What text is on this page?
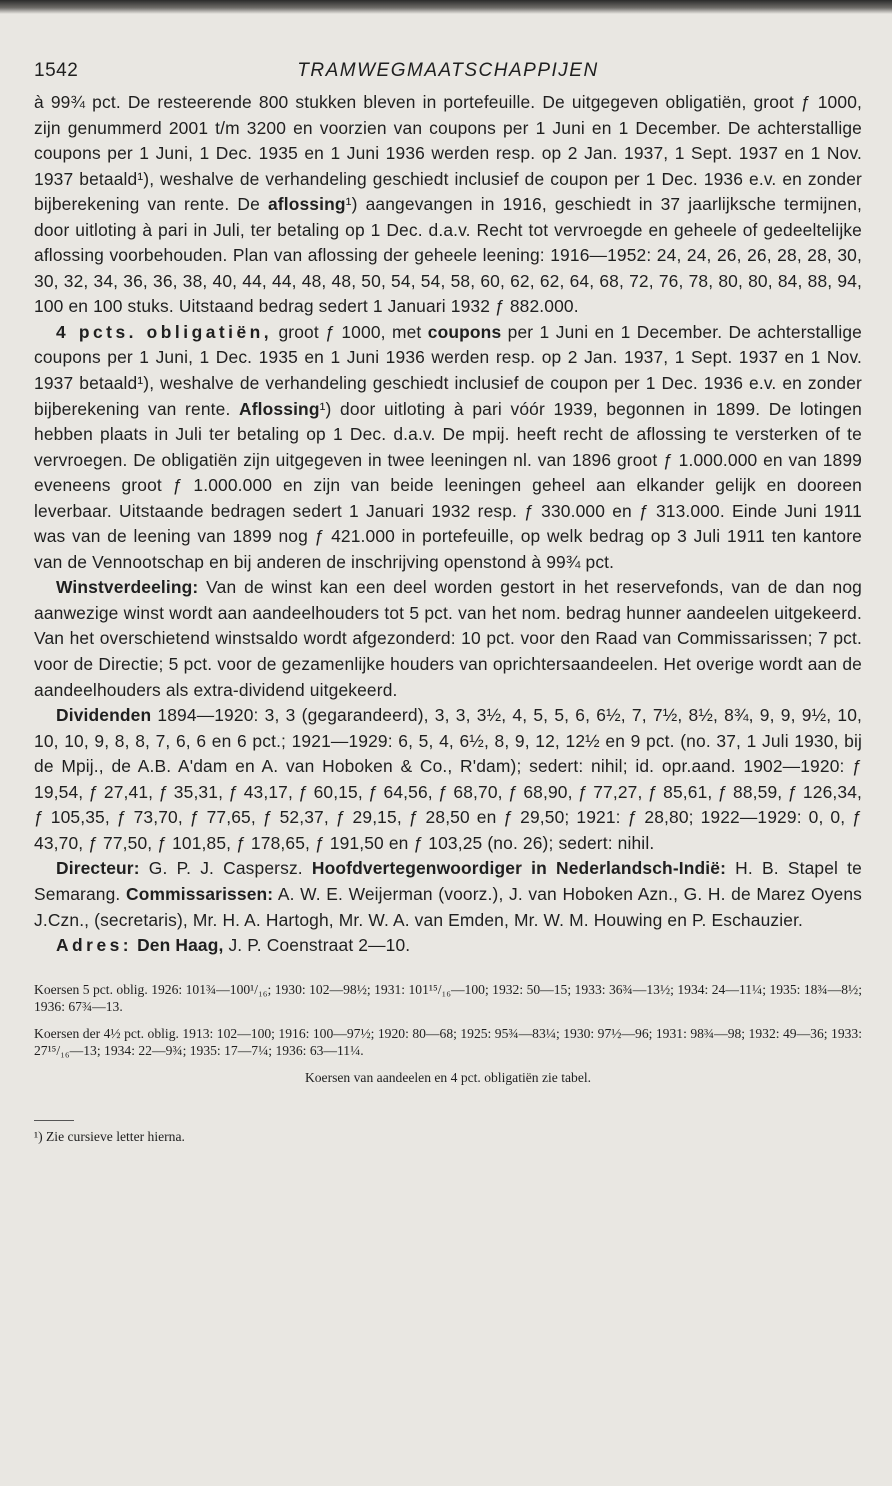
1542	TRAMWEGMAATSCHAPPIJEN

à 99¾ pct. De resteerende 800 stukken bleven in portefeuille. De uitgegeven obligatiën, groot ƒ 1000, zijn genummerd 2001 t/m 3200 en voorzien van coupons per 1 Juni en 1 December. De achterstallige coupons per 1 Juni, 1 Dec. 1935 en 1 Juni 1936 werden resp. op 2 Jan. 1937, 1 Sept. 1937 en 1 Nov. 1937 betaald¹), weshalve de verhandeling geschiedt inclusief de coupon per 1 Dec. 1936 e.v. en zonder bijberekening van rente. De aflossing¹) aangevangen in 1916, geschiedt in 37 jaarlijksche termijnen, door uitloting à pari in Juli, ter betaling op 1 Dec. d.a.v. Recht tot vervroegde en geheele of gedeeltelijke aflossing voorbehouden. Plan van aflossing der geheele leening: 1916—1952: 24, 24, 26, 26, 28, 28, 30, 30, 32, 34, 36, 36, 38, 40, 44, 44, 48, 48, 50, 54, 54, 58, 60, 62, 62, 64, 68, 72, 76, 78, 80, 80, 84, 88, 94, 100 en 100 stuks. Uitstaand bedrag sedert 1 Januari 1932 ƒ 882.000.

4 pcts. obligatiën, groot ƒ 1000, met coupons per 1 Juni en 1 December. De achterstallige coupons per 1 Juni, 1 Dec. 1935 en 1 Juni 1936 werden resp. op 2 Jan. 1937, 1 Sept. 1937 en 1 Nov. 1937 betaald¹), weshalve de verhandeling geschiedt inclusief de coupon per 1 Dec. 1936 e.v. en zonder bijberekening van rente. Aflossing¹) door uitloting à pari vóór 1939, begonnen in 1899. De lotingen hebben plaats in Juli ter betaling op 1 Dec. d.a.v. De mpij. heeft recht de aflossing te versterken of te vervroegen. De obligatiën zijn uitgegeven in twee leeningen nl. van 1896 groot ƒ 1.000.000 en van 1899 eveneens groot ƒ 1.000.000 en zijn van beide leeningen geheel aan elkander gelijk en dooreen leverbaar. Uitstaande bedragen sedert 1 Januari 1932 resp. ƒ 330.000 en ƒ 313.000. Einde Juni 1911 was van de leening van 1899 nog ƒ 421.000 in portefeuille, op welk bedrag op 3 Juli 1911 ten kantore van de Vennootschap en bij anderen de inschrijving openstond à 99¾ pct.

Winstverdeeling: Van de winst kan een deel worden gestort in het reservefonds, van de dan nog aanwezige winst wordt aan aandeelhouders tot 5 pct. van het nom. bedrag hunner aandeelen uitgekeerd. Van het overschietend winstsaldo wordt afgezonderd: 10 pct. voor den Raad van Commissarissen; 7 pct. voor de Directie; 5 pct. voor de gezamenlijke houders van oprichtersaandeelen. Het overige wordt aan de aandeelhouders als extra-dividend uitgekeerd.

Dividenden 1894—1920: 3, 3 (gegarandeerd), 3, 3, 3½, 4, 5, 5, 6, 6½, 7, 7½, 8½, 8¾, 9, 9, 9½, 10, 10, 10, 9, 8, 8, 7, 6, 6 en 6 pct.; 1921—1929: 6, 5, 4, 6½, 8, 9, 12, 12½ en 9 pct. (no. 37, 1 Juli 1930, bij de Mpij., de A.B. A'dam en A. van Hoboken & Co., R'dam); sedert: nihil; id. opr.aand. 1902—1920: ƒ 19,54, ƒ 27,41, ƒ 35,31, ƒ 43,17, ƒ 60,15, ƒ 64,56, ƒ 68,70, ƒ 68,90, ƒ 77,27, ƒ 85,61, ƒ 88,59, ƒ 126,34, ƒ 105,35, ƒ 73,70, ƒ 77,65, ƒ 52,37, ƒ 29,15, ƒ 28,50 en ƒ 29,50; 1921: ƒ 28,80; 1922—1929: 0, 0, ƒ 43,70, ƒ 77,50, ƒ 101,85, ƒ 178,65, ƒ 191,50 en ƒ 103,25 (no. 26); sedert: nihil.

Directeur: G. P. J. Caspersz. Hoofdvertegenwoordiger in Nederlandsch-Indië: H. B. Stapel te Semarang. Commissarissen: A. W. E. Weijerman (voorz.), J. van Hoboken Azn., G. H. de Marez Oyens J.Czn., (secretaris), Mr. H. A. Hartogh, Mr. W. A. van Emden, Mr. W. M. Houwing en P. Eschauzier.

Adres: Den Haag, J. P. Coenstraat 2—10.

Koersen 5 pct. oblig. 1926: 101¾—100¹/₁₆; 1930: 102—98½; 1931: 101¹⁵/₁₆—100; 1932: 50—15; 1933: 36¾—13½; 1934: 24—11¼; 1935: 18¾—8½; 1936: 67¾—13.

Koersen der 4½ pct. oblig. 1913: 102—100; 1916: 100—97½; 1920: 80—68; 1925: 95¾—83¼; 1930: 97½—96; 1931: 98¾—98; 1932: 49—36; 1933: 27¹⁵/₁₆—13; 1934: 22—9¾; 1935: 17—7¼; 1936: 63—11¼.

Koersen van aandeelen en 4 pct. obligatiën zie tabel.

¹) Zie cursieve letter hierna.
